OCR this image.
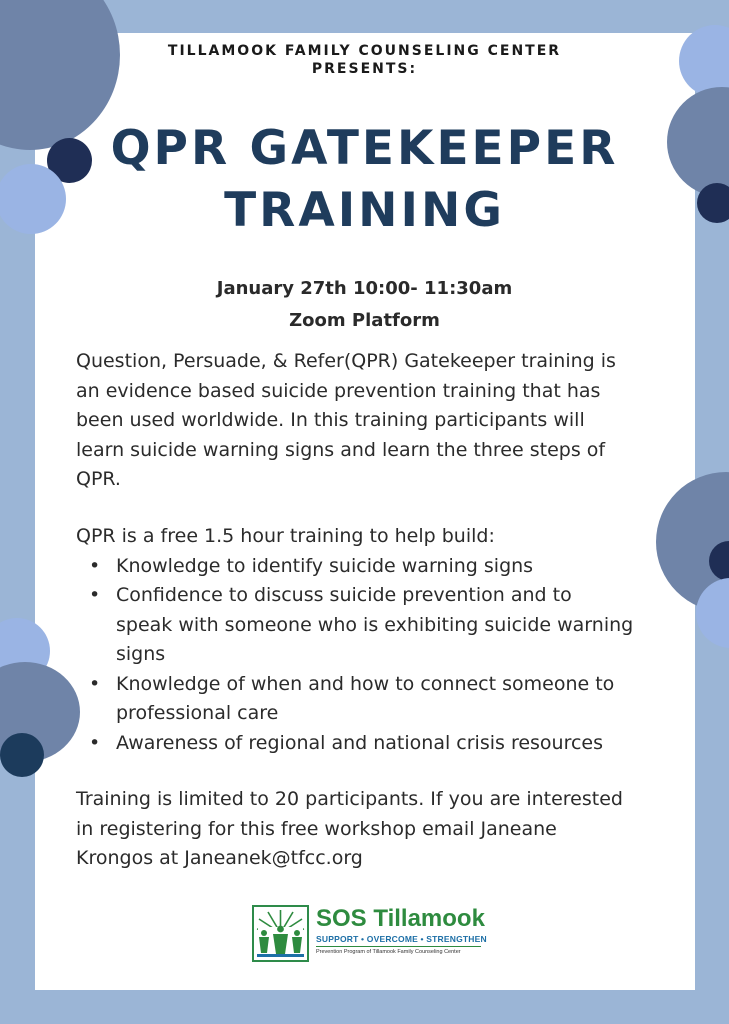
TILLAMOOK FAMILY COUNSELING CENTER
PRESENTS:
QPR GATEKEEPER
TRAINING
January 27th 10:00- 11:30am
Zoom Platform
Question, Persuade, & Refer(QPR) Gatekeeper training is
an evidence based suicide prevention training that has
been used worldwide. In this training participants will
learn suicide warning signs and learn the three steps of
QPR.
QPR is a free 1.5 hour training to help build:
• Knowledge to identify suicide warning signs
• Confidence to discuss suicide prevention and to
speak with someone who is exhibiting suicide warning
signs
• Knowledge of when and how to connect someone to
professional care
• Awareness of regional and national crisis resources
Training is limited to 20 participants. If you are interested
in registering for this free workshop email Janeane
Krongos at Janeanek@tfcc.org
SOS Tillamook
SUPPORT • OVERCOME • STRENGTHEN
Prevention Program of Tillamook Family Counseling Center
